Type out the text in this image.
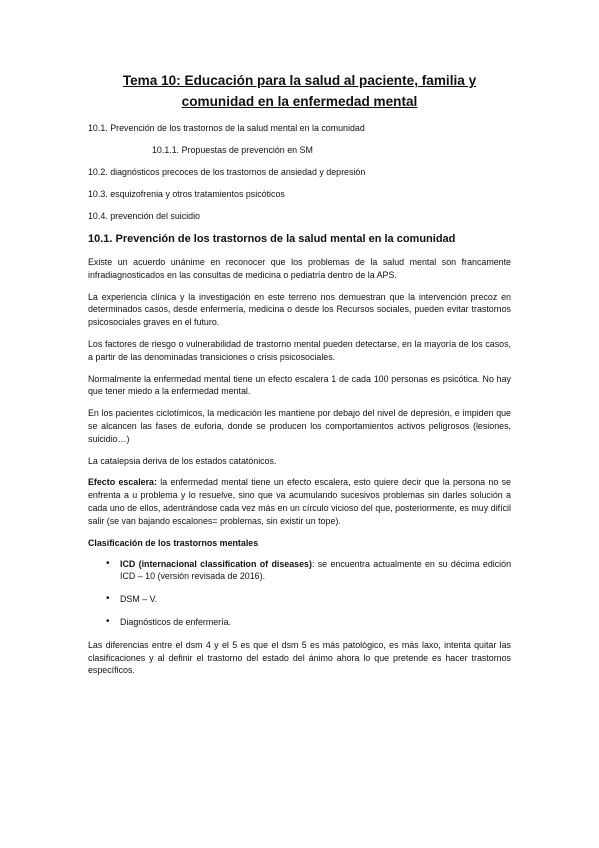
Tema 10: Educación para la salud al paciente, familia y
comunidad en la enfermedad mental
10.1. Prevención de los trastornos de la salud mental en la comunidad
10.1.1. Propuestas de prevención en SM
10.2. diagnósticos precoces de los trastornos de ansiedad y depresión
10.3. esquizofrenia y otros tratamientos psicóticos
10.4. prevención del suicidio
10.1. Prevención de los trastornos de la salud mental en la comunidad

Existe un acuerdo unánime en reconocer que los problemas de la salud mental son francamente infradiagnosticados en las consultas de medicina o pediatría dentro de la APS.

La experiencia clínica y la investigación en este terreno nos demuestran que la intervención precoz en determinados casos, desde enfermería, medicina o desde los Recursos sociales, pueden evitar trastornos psicosociales graves en el futuro.

Los factores de riesgo o vulnerabilidad de trastorno mental pueden detectarse, en la mayoría de los casos, a partir de las denominadas transiciones o crisis psicosociales.

Normalmente la enfermedad mental tiene un efecto escalera 1 de cada 100 personas es psicótica. No hay que tener miedo a la enfermedad mental.

En los pacientes ciclotímicos, la medicación les mantiene por debajo del nivel de depresión, e impiden que se alcancen las fases de euforia, donde se producen los comportamientos activos peligrosos (lesiones, suicidio…)

La catalepsia deriva de los estados catatónicos.

Efecto escalera: la enfermedad mental tiene un efecto escalera, esto quiere decir que la persona no se enfrenta a u problema y lo resuelve, sino que va acumulando sucesivos problemas sin darles solución a cada uno de ellos, adentrándose cada vez más en un círculo vicioso del que, posteriormente, es muy difícil salir (se van bajando escalones= problemas, sin existir un tope).

Clasificación de los trastornos mentales
• ICD (internacional classification of diseases): se encuentra actualmente en su décima edición ICD – 10 (versión revisada de 2016).
• DSM – V.
• Diagnósticos de enfermería.

Las diferencias entre el dsm 4 y el 5 es que el dsm 5 es más patológico, es más laxo, intenta quitar las clasificaciones y al definir el trastorno del estado del ánimo ahora lo que pretende es hacer trastornos específicos.
